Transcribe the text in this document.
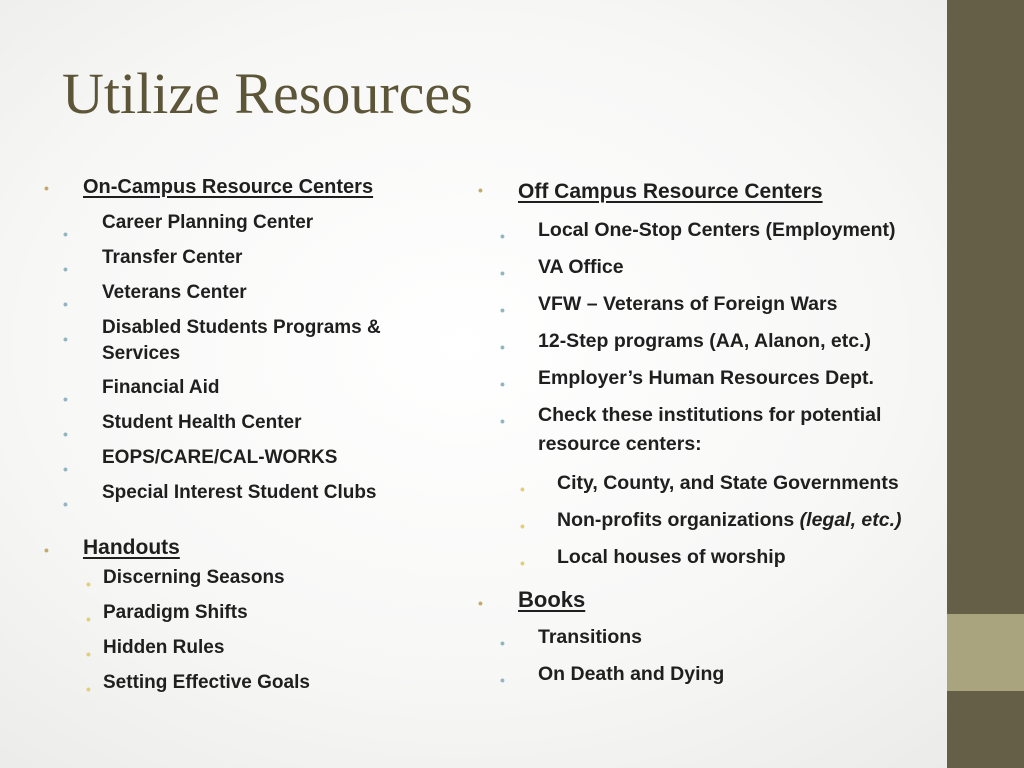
Utilize Resources
• On-Campus Resource Centers
•
Career Planning Center
•
Transfer Center
•
Veterans Center
•
Disabled Students Programs &
Services
•
Financial Aid
•
Student Health Center
•
EOPS/CARE/CAL-WORKS
•
Special Interest Student Clubs
• Handouts
• Discerning Seasons
• Paradigm Shifts
• Hidden Rules
• Setting Effective Goals
• Off Campus Resource Centers
• Local One-Stop Centers (Employment)
• VA Office
• VFW – Veterans of Foreign Wars
• 12-Step programs (AA, Alanon, etc.)
• Employer’s Human Resources Dept.
• Check these institutions for potential
resource centers:
• City, County, and State Governments
• Non-profits organizations (legal, etc.)
• Local houses of worship
• Books
• Transitions
• On Death and Dying
